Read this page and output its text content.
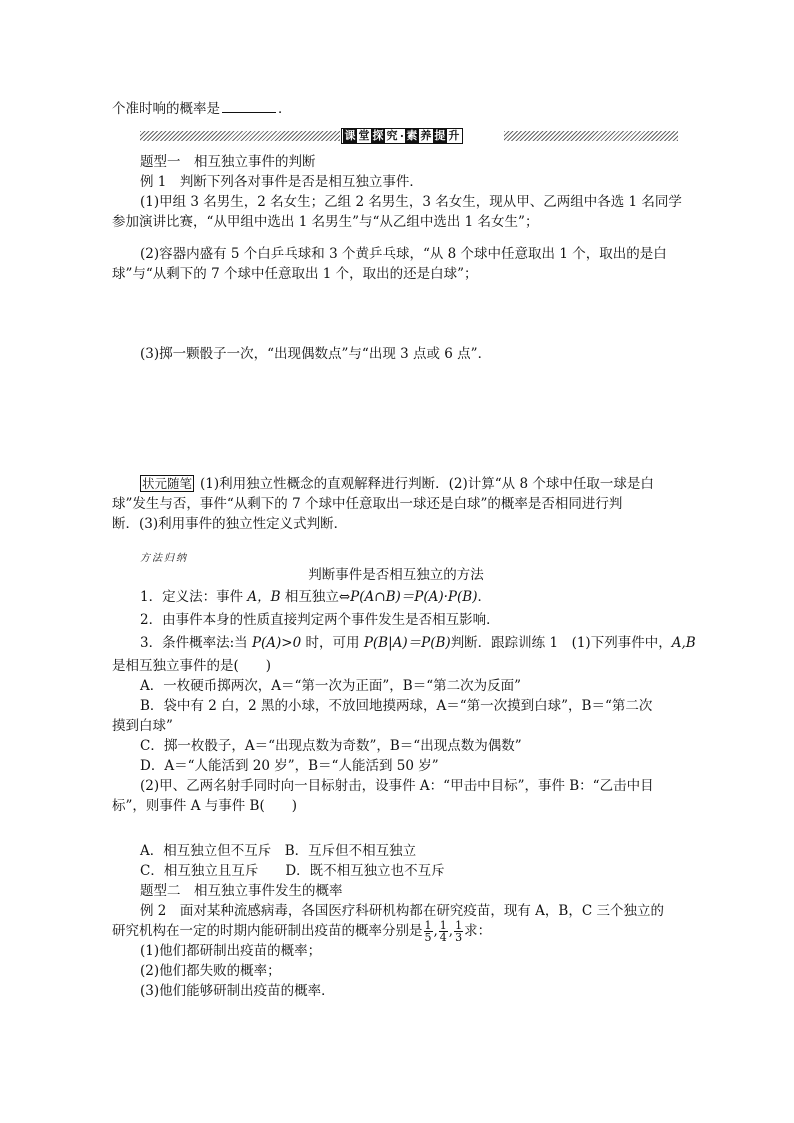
个准时响的概率是	．
课 堂 探 究 · 素 养 提 升
题型一　相互独立事件的判断
例 1　判断下列各对事件是否是相互独立事件．
(1)甲组 3 名男生，2 名女生；乙组 2 名男生，3 名女生，现从甲、乙两组中各选 1 名同学
参加演讲比赛，“从甲组中选出 1 名男生”与“从乙组中选出 1 名女生”；
(2)容器内盛有 5 个白乒乓球和 3 个黄乒乓球，“从 8 个球中任意取出 1 个，取出的是白
球”与“从剩下的 7 个球中任意取出 1 个，取出的还是白球”；
(3)掷一颗骰子一次，“出现偶数点”与“出现 3 点或 6 点”．
状元随笔 (1)利用独立性概念的直观解释进行判断．(2)计算“从 8 个球中任取一球是白
球”发生与否，事件“从剩下的 7 个球中任意取出一球还是白球”的概率是否相同进行判
断．(3)利用事件的独立性定义式判断．
方法归纳
判断事件是否相互独立的方法
1．定义法：事件 A，B 相互独立⇔P(A∩B)＝P(A)·P(B)．
2．由事件本身的性质直接判定两个事件发生是否相互影响．
3．条件概率法:当 P(A)>0 时，可用 P(B|A)＝P(B)判断．跟踪训练 1　(1)下列事件中，A,B
是相互独立事件的是(　　)
A．一枚硬币掷两次，A＝“第一次为正面”，B＝“第二次为反面”
B．袋中有 2 白，2 黑的小球，不放回地摸两球，A＝“第一次摸到白球”，B＝“第二次
摸到白球”
C．掷一枚骰子，A＝“出现点数为奇数”，B＝“出现点数为偶数”
D．A＝“人能活到 20 岁”，B＝“人能活到 50 岁”
(2)甲、乙两名射手同时向一目标射击，设事件 A：“甲击中目标”，事件 B：“乙击中目
标”，则事件 A 与事件 B(　　)
A．相互独立但不互斥　B．互斥但不相互独立
C．相互独立且互斥　　D．既不相互独立也不互斥
题型二　相互独立事件发生的概率
例 2　面对某种流感病毒，各国医疗科研机构都在研究疫苗，现有 A，B，C 三个独立的
研究机构在一定的时期内能研制出疫苗的概率分别是 $\frac{1}{5}$ , $\frac{1}{4}$ , $\frac{1}{3}$ 求：
(1)他们都研制出疫苗的概率；
(2)他们都失败的概率；
(3)他们能够研制出疫苗的概率．
